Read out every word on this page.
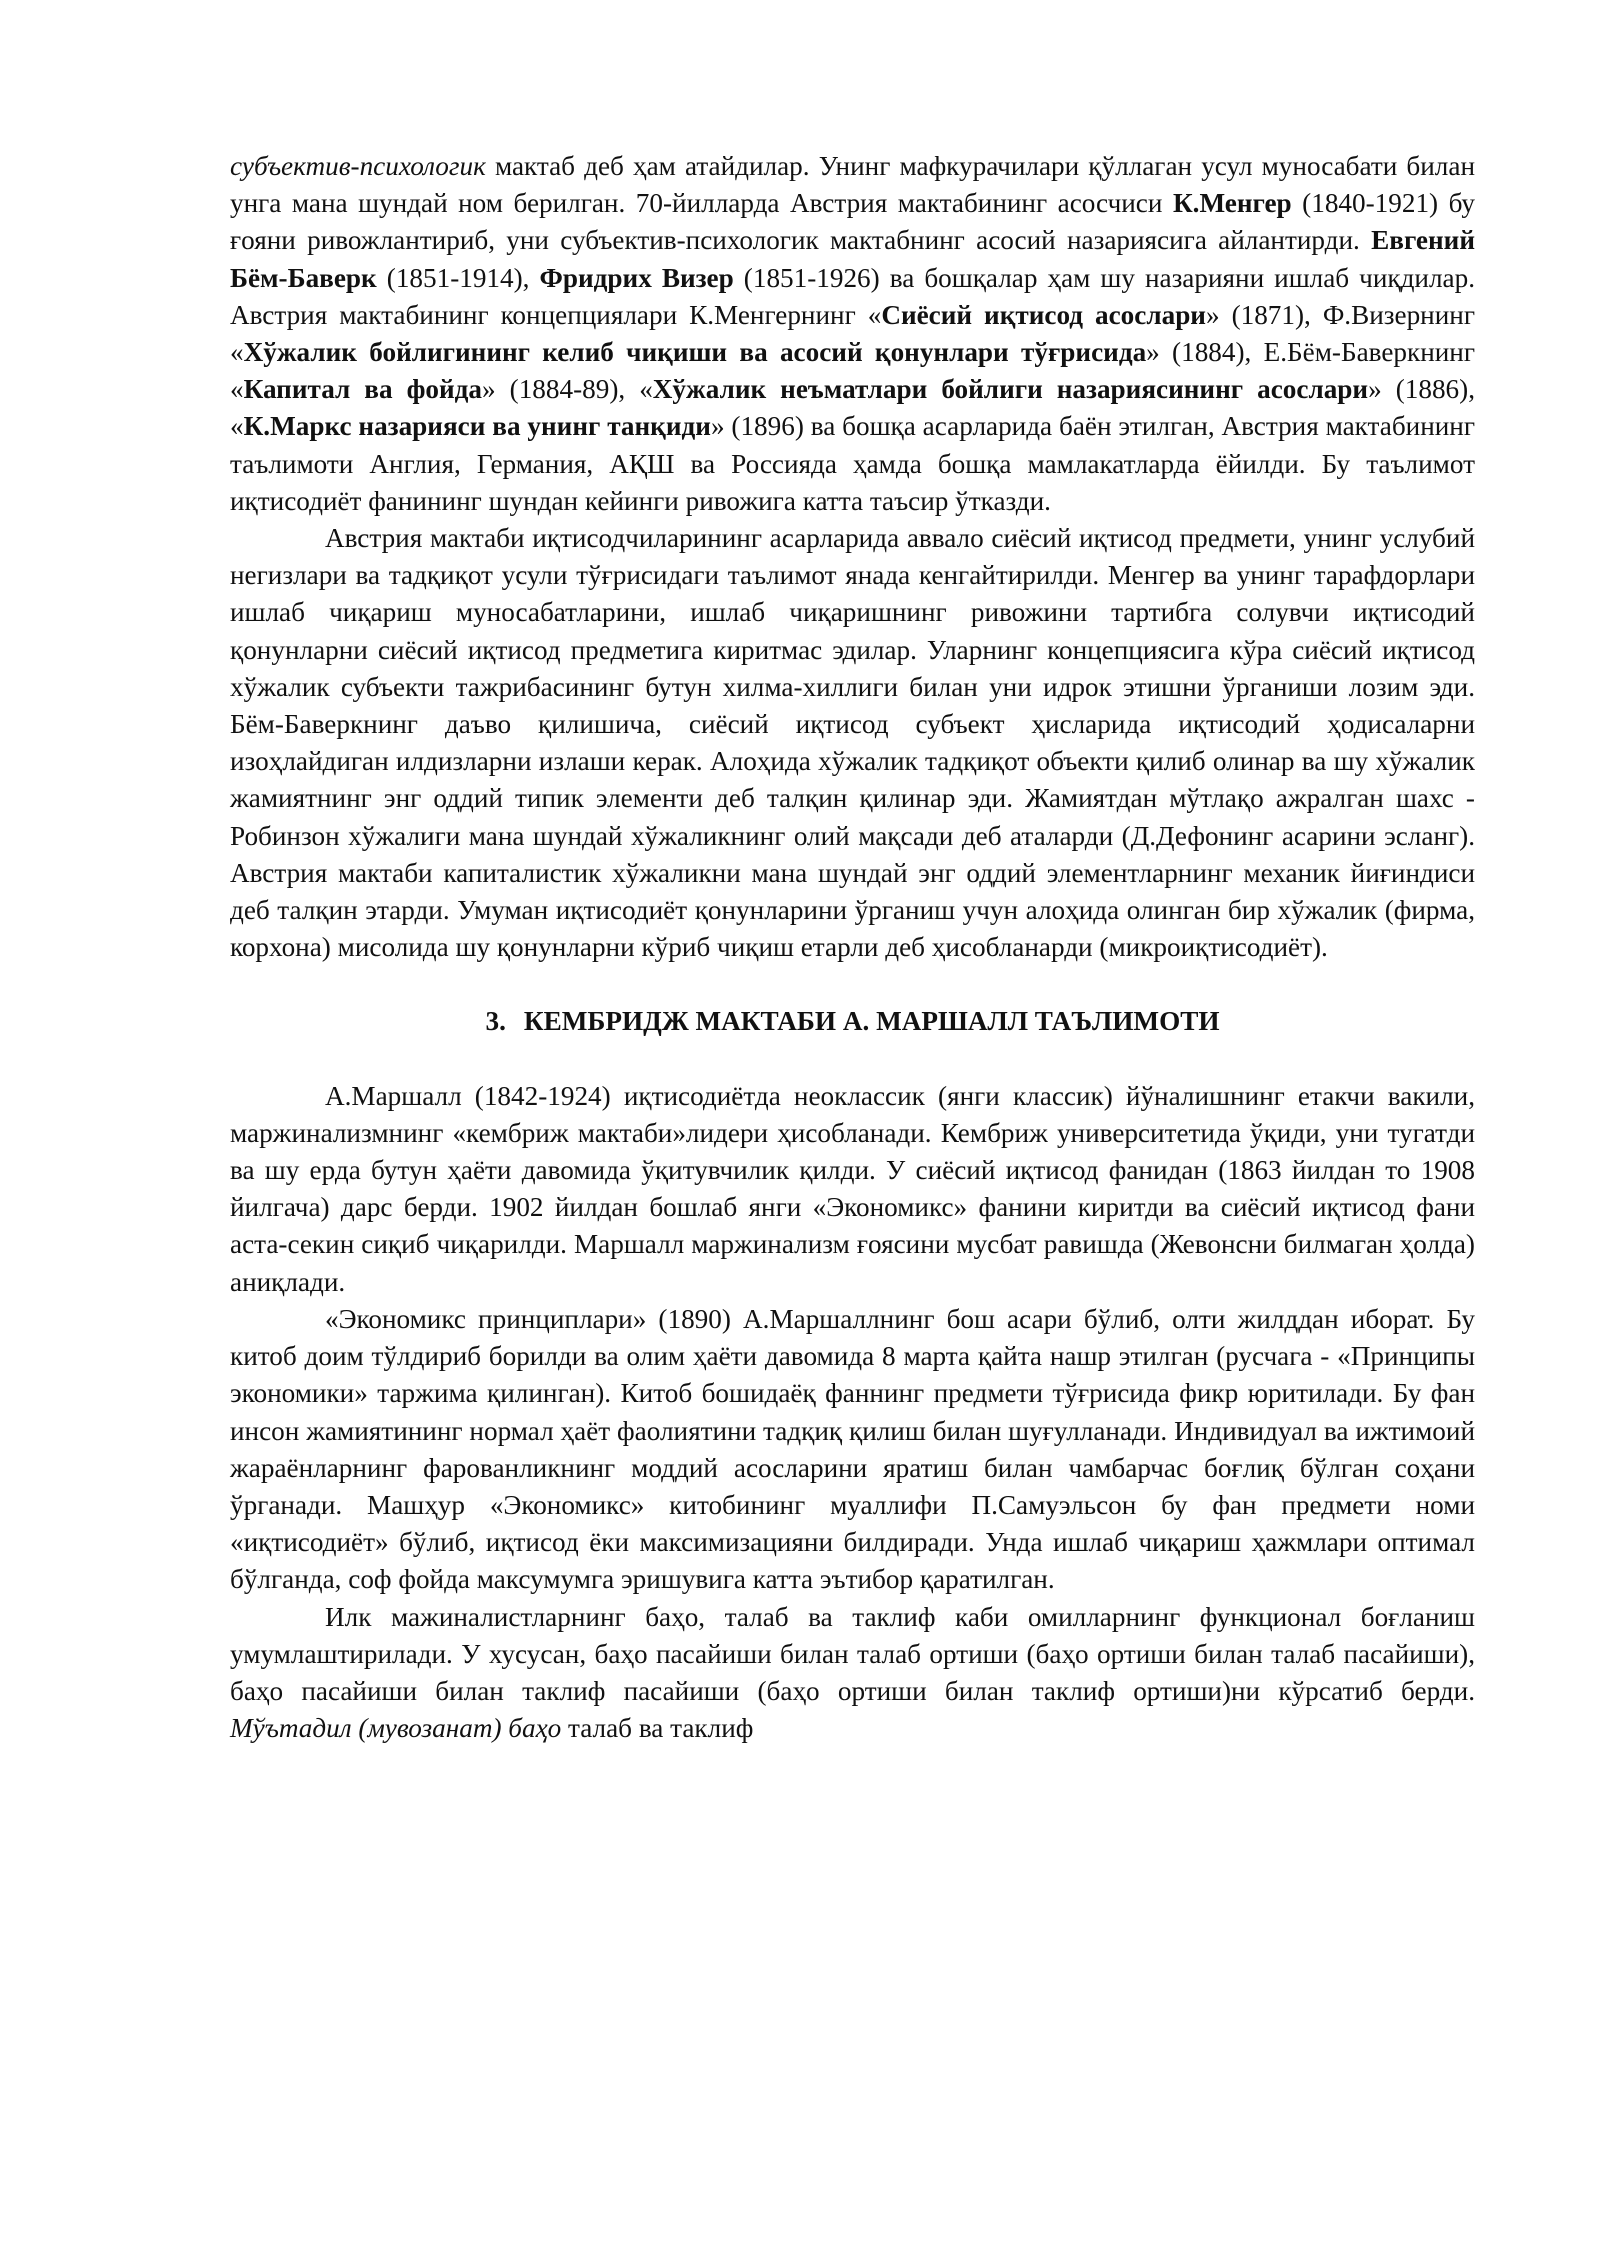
субъектив-психологик мактаб деб ҳам атайдилар. Унинг мафкурачилари қўллаган усул муносабати билан унга мана шундай ном берилган. 70-йилларда Австрия мактабининг асосчиси К.Менгер (1840-1921) бу ғояни ривожлантириб, уни субъектив-психологик мактабнинг асосий назариясига айлантирди. Евгений Бём-Баверк (1851-1914), Фридрих Визер (1851-1926) ва бошқалар ҳам шу назарияни ишлаб чиқдилар. Австрия мактабининг концепциялари К.Менгернинг «Сиёсий иқтисод асослари» (1871), Ф.Визернинг «Хўжалик бойлигининг келиб чиқиши ва асосий қонунлари тўғрисида» (1884), Е.Бём-Баверкнинг «Капитал ва фойда» (1884-89), «Хўжалик неъматлари бойлиги назариясининг асослари» (1886), «К.Маркс назарияси ва унинг танқиди» (1896) ва бошқа асарларида баён этилган, Австрия мактабининг таълимоти Англия, Германия, АҚШ ва Россияда ҳамда бошқа мамлакатларда ёйилди. Бу таълимот иқтисодиёт фанининг шундан кейинги ривожига катта таъсир ўтказди.

Австрия мактаби иқтисодчиларининг асарларида аввало сиёсий иқтисод предмети, унинг услубий негизлари ва тадқиқот усули тўғрисидаги таълимот янада кенгайтирилди. Менгер ва унинг тарафдорлари ишлаб чиқариш муносабатларини, ишлаб чиқаришнинг ривожини тартибга солувчи иқтисодий қонунларни сиёсий иқтисод предметига киритмас эдилар. Уларнинг концепциясига кўра сиёсий иқтисод хўжалик субъекти тажрибасининг бутун хилма-хиллиги билан уни идрок этишни ўрганиши лозим эди. Бём-Баверкнинг даъво қилишича, сиёсий иқтисод субъект ҳисларида иқтисодий ҳодисаларни изоҳлайдиган илдизларни излаши керак. Алоҳида хўжалик тадқиқот объекти қилиб олинар ва шу хўжалик жамиятнинг энг оддий типик элементи деб талқин қилинар эди. Жамиятдан мўтлақо ажралган шахс - Робинзон хўжалиги мана шундай хўжаликнинг олий мақсади деб аталарди (Д.Дефонинг асарини эсланг). Австрия мактаби капиталистик хўжаликни мана шундай энг оддий элементларнинг механик йиғиндиси деб талқин этарди. Умуман иқтисодиёт қонунларини ўрганиш учун алоҳида олинган бир хўжалик (фирма, корхона) мисолида шу қонунларни кўриб чиқиш етарли деб ҳисобланарди (микроиқтисодиёт).

3. КЕМБРИДЖ МАКТАБИ А. МАРШАЛЛ ТАЪЛИМОТИ

А.Маршалл (1842-1924) иқтисодиётда неоклассик (янги классик) йўналишнинг етакчи вакили, маржинализмнинг «кембриж мактаби»лидери ҳисобланади. Кембриж университетида ўқиди, уни тугатди ва шу ерда бутун ҳаёти давомида ўқитувчилик қилди. У сиёсий иқтисод фанидан (1863 йилдан то 1908 йилгача) дарс берди. 1902 йилдан бошлаб янги «Экономикс» фанини киритди ва сиёсий иқтисод фани аста-секин сиқиб чиқарилди. Маршалл маржинализм ғоясини мусбат равишда (Жевонсни билмаган ҳолда) аниқлади.

«Экономикс принциплари» (1890) А.Маршаллнинг бош асари бўлиб, олти жилддан иборат. Бу китоб доим тўлдириб борилди ва олим ҳаёти давомида 8 марта қайта нашр этилган (русчага - «Принципы экономики» таржима қилинган). Китоб бошидаёқ фаннинг предмети тўғрисида фикр юритилади. Бу фан инсон жамиятининг нормал ҳаёт фаолиятини тадқиқ қилиш билан шуғулланади. Индивидуал ва ижтимоий жараёнларнинг фарованликнинг моддий асосларини яратиш билан чамбарчас боғлиқ бўлган соҳани ўрганади. Машҳур «Экономикс» китобининг муаллифи П.Самуэльсон бу фан предмети номи «иқтисодиёт» бўлиб, иқтисод ёки максимизацияни билдиради. Унда ишлаб чиқариш ҳажмлари оптимал бўлганда, соф фойда максумумга эришувига катта эътибор қаратилган.

Илк мажиналистларнинг баҳо, талаб ва таклиф каби омилларнинг функционал боғланиш умумлаштирилади. У хусусан, баҳо пасайиши билан талаб ортиши (баҳо ортиши билан талаб пасайиши), баҳо пасайиши билан таклиф пасайиши (баҳо ортиши билан таклиф ортиши)ни кўрсатиб берди. Мўътадил (мувозанат) баҳо талаб ва таклиф
